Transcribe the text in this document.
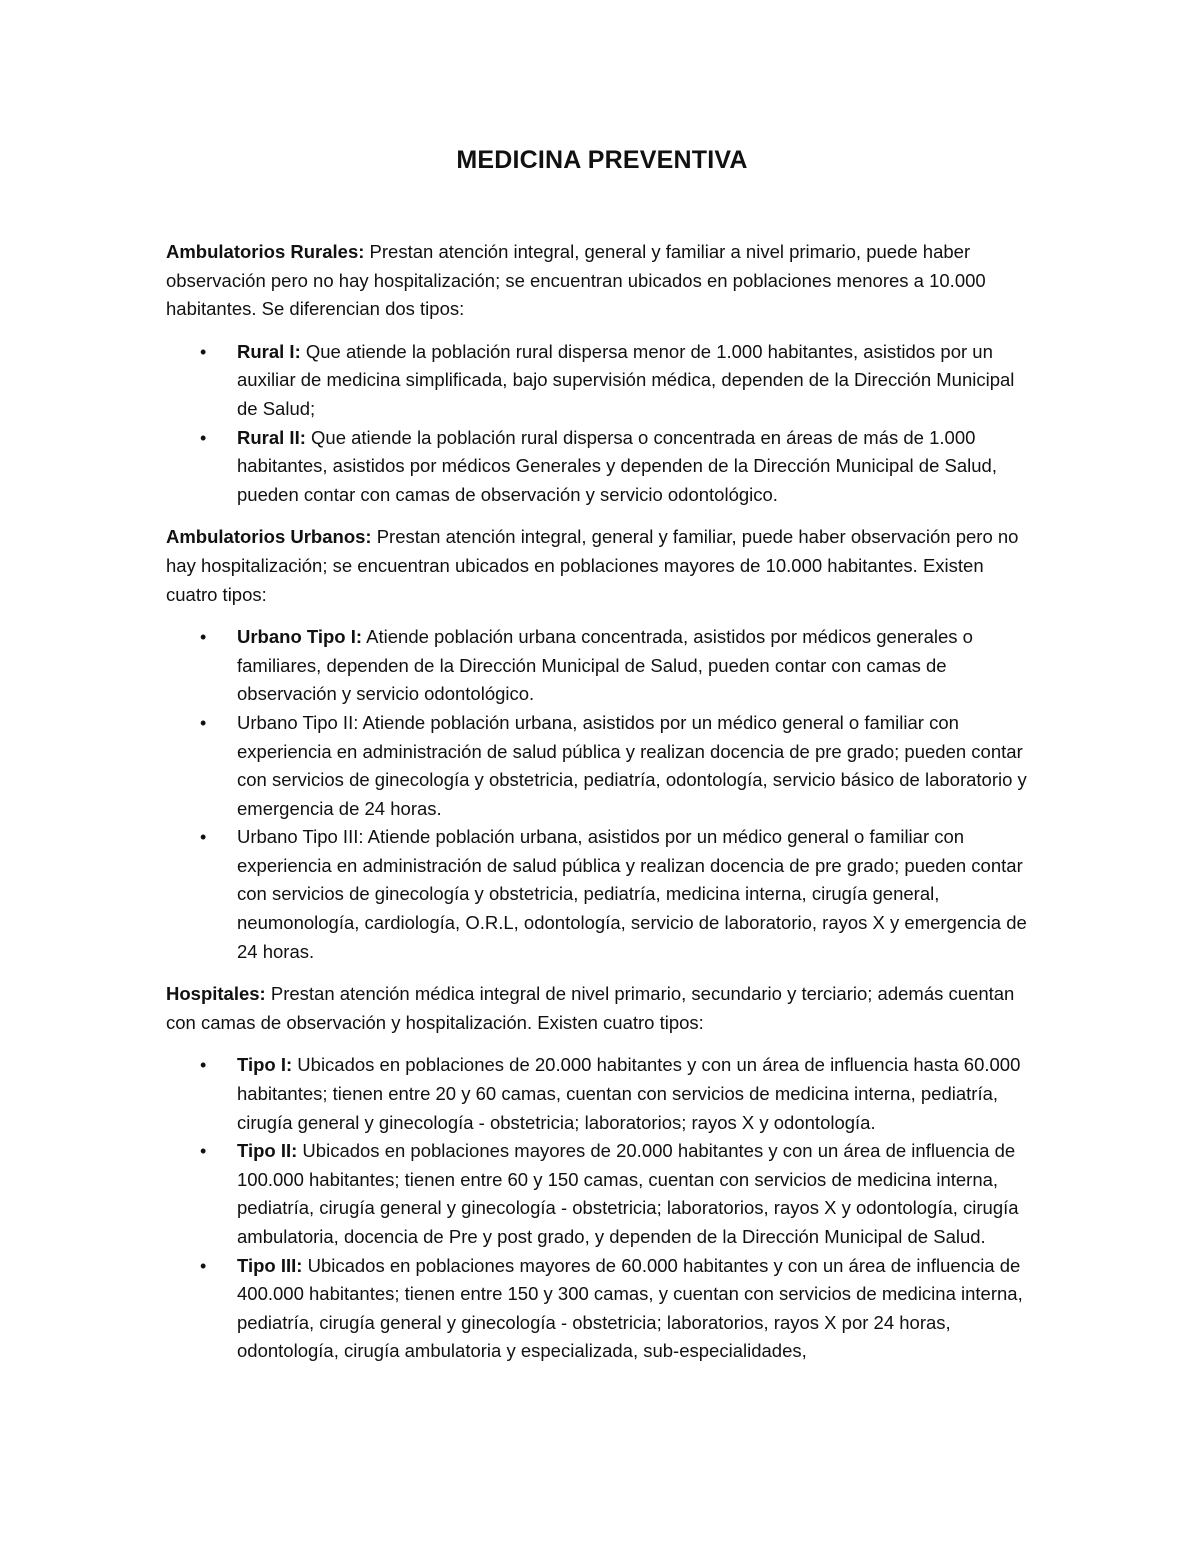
MEDICINA PREVENTIVA

Ambulatorios Rurales: Prestan atención integral, general y familiar a nivel primario, puede haber observación pero no hay hospitalización; se encuentran ubicados en poblaciones menores a 10.000 habitantes. Se diferencian dos tipos:

• Rural I: Que atiende la población rural dispersa menor de 1.000 habitantes, asistidos por un auxiliar de medicina simplificada, bajo supervisión médica, dependen de la Dirección Municipal de Salud;
• Rural II: Que atiende la población rural dispersa o concentrada en áreas de más de 1.000 habitantes, asistidos por médicos Generales y dependen de la Dirección Municipal de Salud, pueden contar con camas de observación y servicio odontológico.

Ambulatorios Urbanos: Prestan atención integral, general y familiar, puede haber observación pero no hay hospitalización; se encuentran ubicados en poblaciones mayores de 10.000 habitantes. Existen cuatro tipos:

• Urbano Tipo I: Atiende población urbana concentrada, asistidos por médicos generales o familiares, dependen de la Dirección Municipal de Salud, pueden contar con camas de observación y servicio odontológico.
• Urbano Tipo II: Atiende población urbana, asistidos por un médico general o familiar con experiencia en administración de salud pública y realizan docencia de pre grado; pueden contar con servicios de ginecología y obstetricia, pediatría, odontología, servicio básico de laboratorio y emergencia de 24 horas.
• Urbano Tipo III: Atiende población urbana, asistidos por un médico general o familiar con experiencia en administración de salud pública y realizan docencia de pre grado; pueden contar con servicios de ginecología y obstetricia, pediatría, medicina interna, cirugía general, neumonología, cardiología, O.R.L, odontología, servicio de laboratorio, rayos X y emergencia de 24 horas.

Hospitales: Prestan atención médica integral de nivel primario, secundario y terciario; además cuentan con camas de observación y hospitalización. Existen cuatro tipos:

• Tipo I: Ubicados en poblaciones de 20.000 habitantes y con un área de influencia hasta 60.000 habitantes; tienen entre 20 y 60 camas, cuentan con servicios de medicina interna, pediatría, cirugía general y ginecología - obstetricia; laboratorios; rayos X y odontología.
• Tipo II: Ubicados en poblaciones mayores de 20.000 habitantes y con un área de influencia de 100.000 habitantes; tienen entre 60 y 150 camas, cuentan con servicios de medicina interna, pediatría, cirugía general y ginecología - obstetricia; laboratorios, rayos X y odontología, cirugía ambulatoria, docencia de Pre y post grado, y dependen de la Dirección Municipal de Salud.
• Tipo III: Ubicados en poblaciones mayores de 60.000 habitantes y con un área de influencia de 400.000 habitantes; tienen entre 150 y 300 camas, y cuentan con servicios de medicina interna, pediatría, cirugía general y ginecología - obstetricia; laboratorios, rayos X por 24 horas, odontología, cirugía ambulatoria y especializada, sub-especialidades,
